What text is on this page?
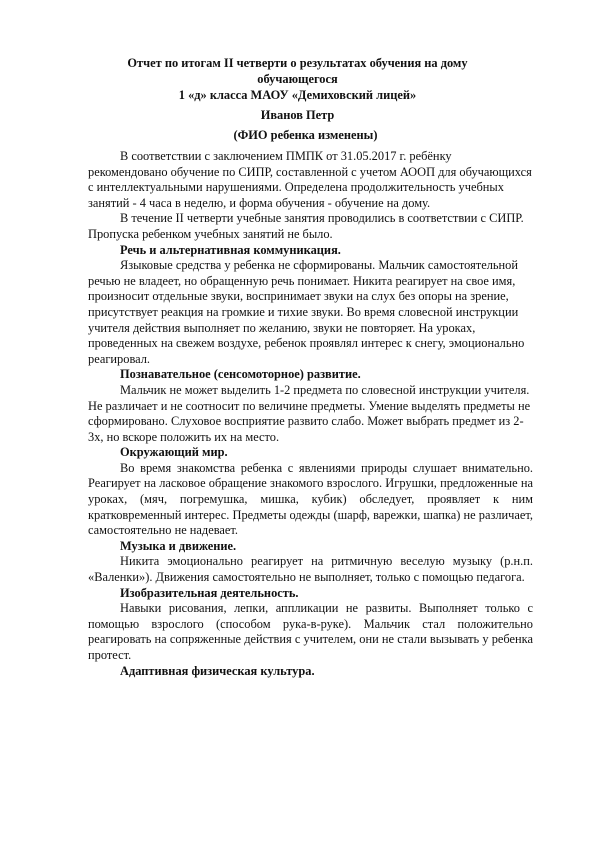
Отчет по итогам II четверти о результатах обучения на дому
обучающегося
1 «д» класса МАОУ «Демиховский лицей»
Иванов Петр
(ФИО ребенка изменены)

В соответствии с заключением ПМПК от 31.05.2017 г. ребёнку рекомендовано обучение по СИПР, составленной с учетом АООП для обучающихся с интеллектуальными нарушениями. Определена продолжительность учебных занятий - 4 часа в неделю, и форма обучения - обучение на дому.

В течение II четверти учебные занятия проводились в соответствии с СИПР. Пропуска ребенком учебных занятий не было.

Речь и альтернативная коммуникация.

Языковые средства у ребенка не сформированы. Мальчик самостоятельной речью не владеет, но обращенную речь понимает. Никита реагирует на свое имя, произносит отдельные звуки, воспринимает звуки на слух без опоры на зрение, присутствует реакция на громкие и тихие звуки. Во время словесной инструкции учителя действия выполняет по желанию, звуки не повторяет. На уроках, проведенных на свежем воздухе, ребенок проявлял интерес к снегу, эмоционально реагировал.

Познавательное (сенсомоторное) развитие.

Мальчик не может выделить 1-2 предмета по словесной инструкции учителя. Не различает и не соотносит по величине предметы. Умение выделять предметы не сформировано. Слуховое восприятие развито слабо. Может выбрать предмет из 2-3х, но вскоре положить их на место.

Окружающий мир.

Во время знакомства ребенка с явлениями природы слушает внимательно. Реагирует на ласковое обращение знакомого взрослого. Игрушки, предложенные на уроках, (мяч, погремушка, мишка, кубик) обследует, проявляет к ним кратковременный интерес. Предметы одежды (шарф, варежки, шапка) не различает, самостоятельно не надевает.

Музыка и движение.

Никита эмоционально реагирует на ритмичную веселую музыку (р.н.п. «Валенки»). Движения самостоятельно не выполняет, только с помощью педагога.

Изобразительная деятельность.

Навыки рисования, лепки, аппликации не развиты. Выполняет только с помощью взрослого (способом рука-в-руке). Мальчик стал положительно реагировать на сопряженные действия с учителем, они не стали вызывать у ребенка протест.

Адаптивная физическая культура.
